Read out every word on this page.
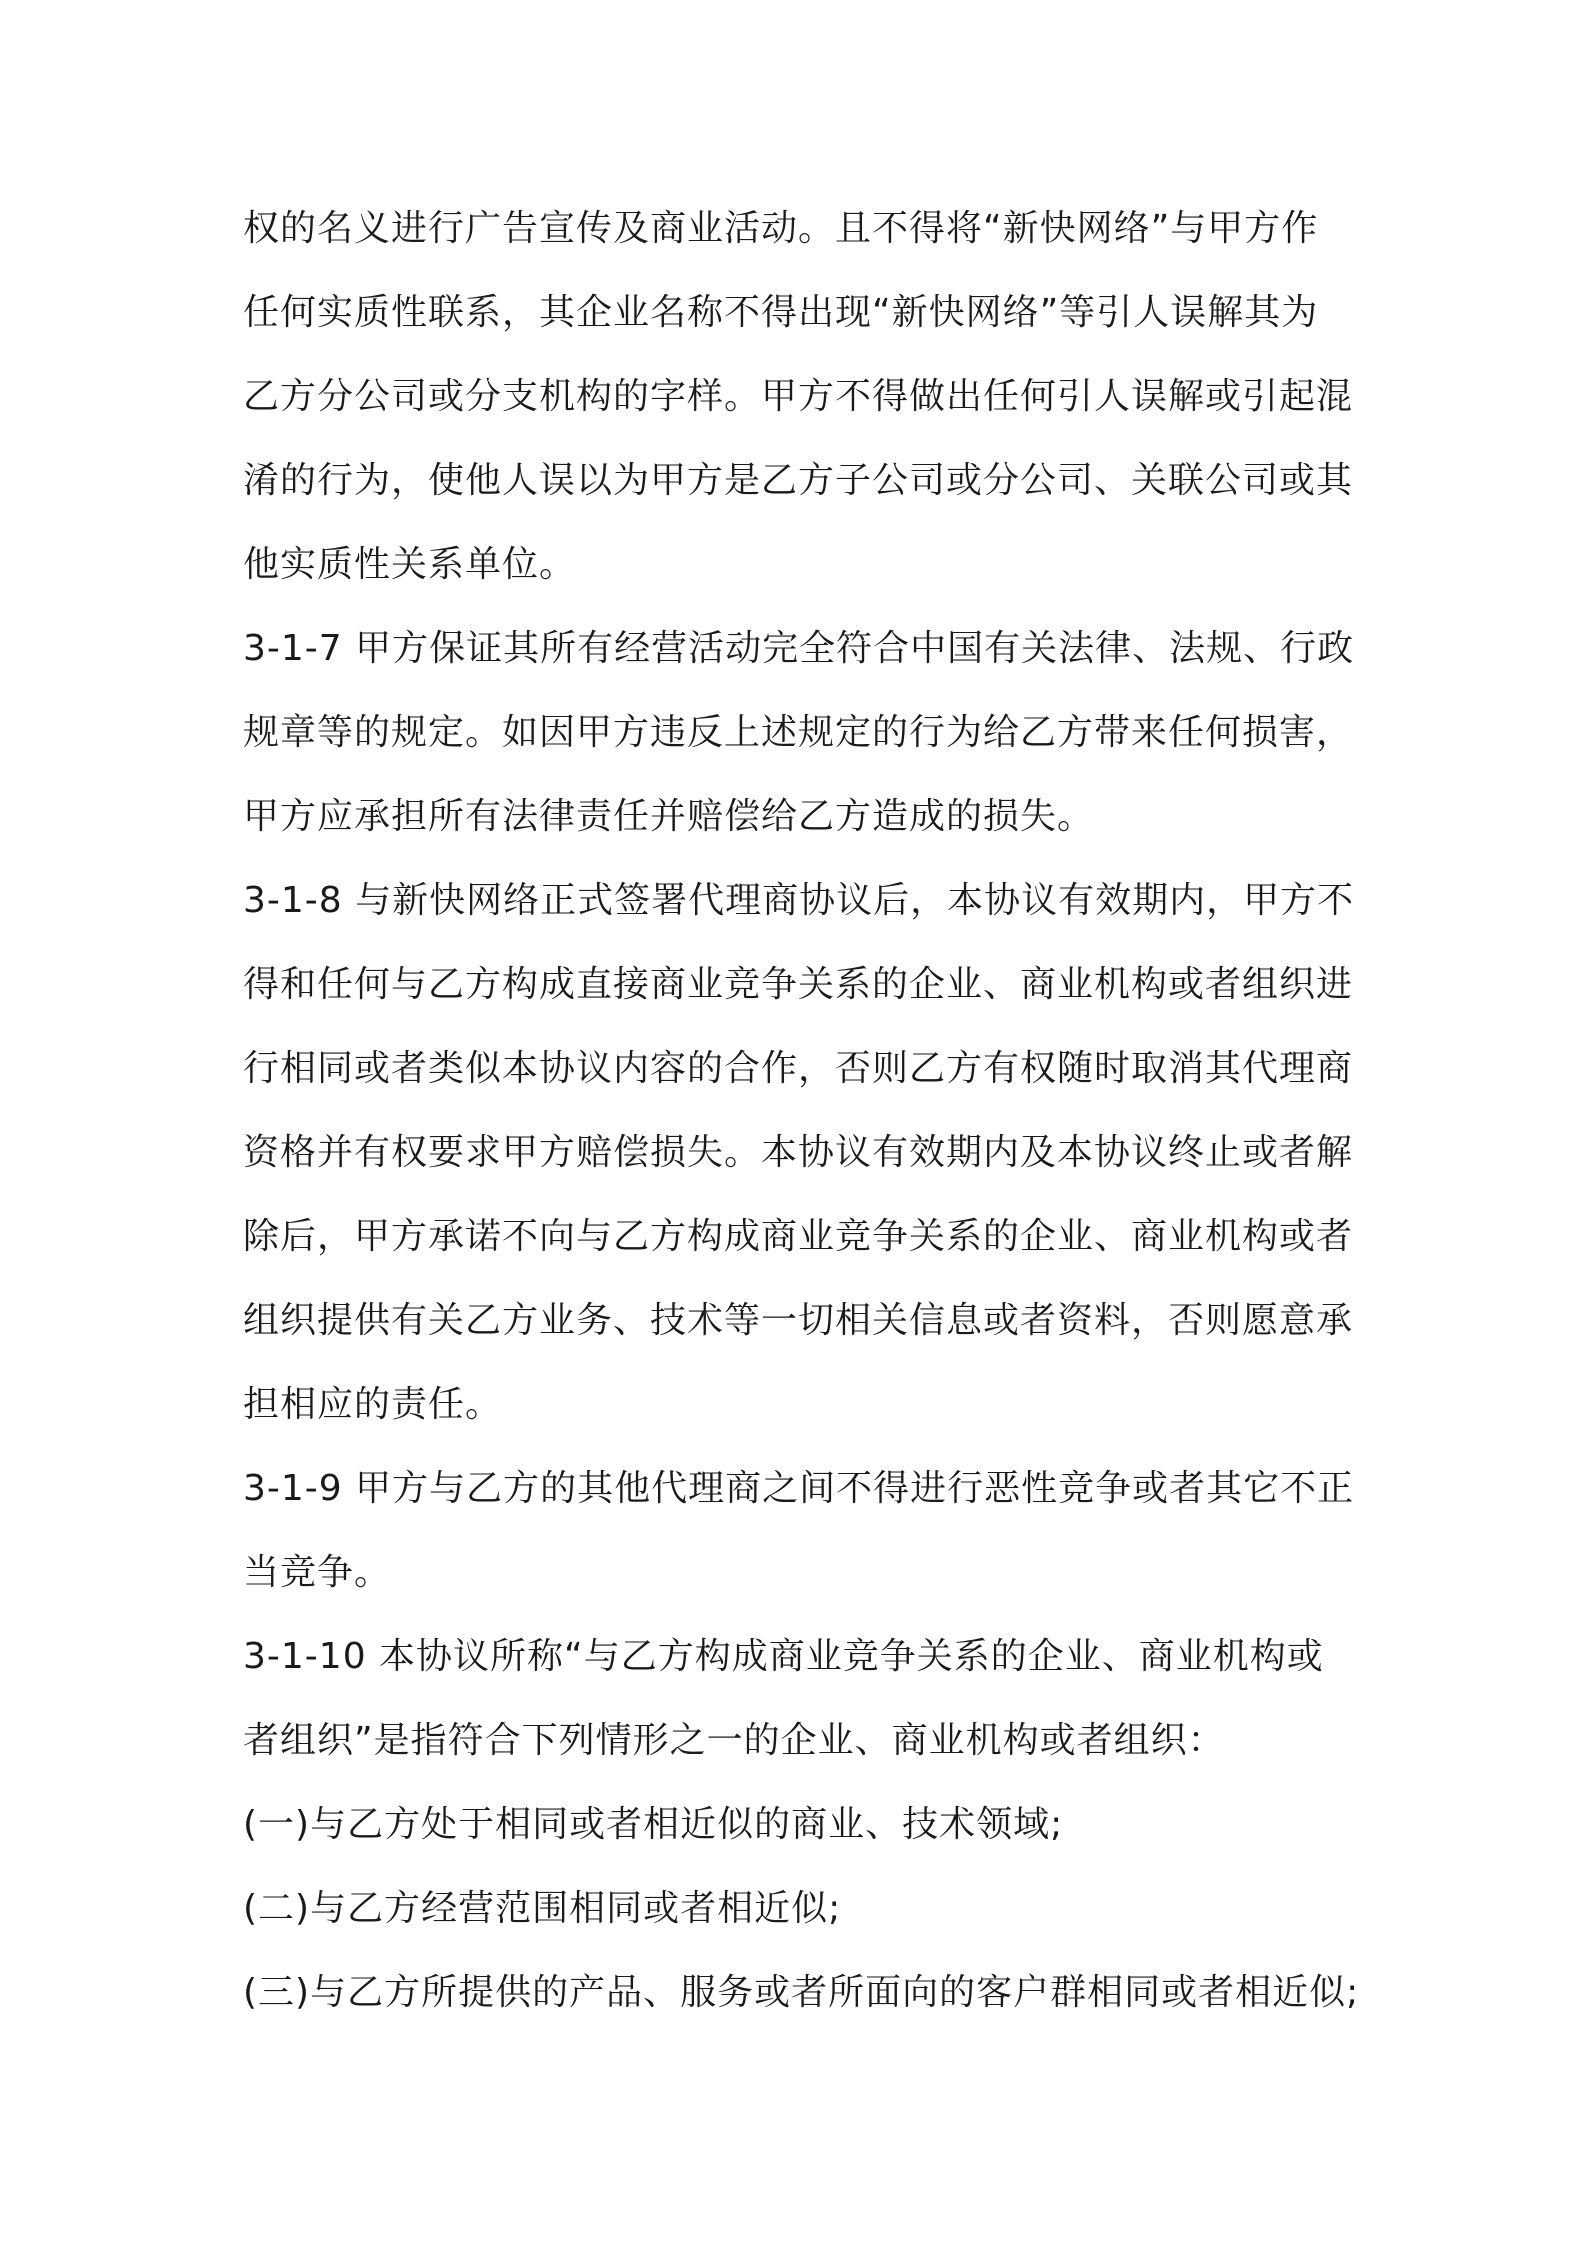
权的名义进行广告宣传及商业活动。且不得将“新快网络”与甲方作
任何实质性联系，其企业名称不得出现“新快网络”等引人误解其为
乙方分公司或分支机构的字样。甲方不得做出任何引人误解或引起混
淆的行为，使他人误以为甲方是乙方子公司或分公司、关联公司或其
他实质性关系单位。
3-1-7 甲方保证其所有经营活动完全符合中国有关法律、法规、行政
规章等的规定。如因甲方违反上述规定的行为给乙方带来任何损害，
甲方应承担所有法律责任并赔偿给乙方造成的损失。
3-1-8 与新快网络正式签署代理商协议后，本协议有效期内，甲方不
得和任何与乙方构成直接商业竞争关系的企业、商业机构或者组织进
行相同或者类似本协议内容的合作，否则乙方有权随时取消其代理商
资格并有权要求甲方赔偿损失。本协议有效期内及本协议终止或者解
除后，甲方承诺不向与乙方构成商业竞争关系的企业、商业机构或者
组织提供有关乙方业务、技术等一切相关信息或者资料，否则愿意承
担相应的责任。
3-1-9 甲方与乙方的其他代理商之间不得进行恶性竞争或者其它不正
当竞争。
3-1-10 本协议所称“与乙方构成商业竞争关系的企业、商业机构或
者组织”是指符合下列情形之一的企业、商业机构或者组织：
(一)与乙方处于相同或者相近似的商业、技术领域;
(二)与乙方经营范围相同或者相近似;
(三)与乙方所提供的产品、服务或者所面向的客户群相同或者相近似;
